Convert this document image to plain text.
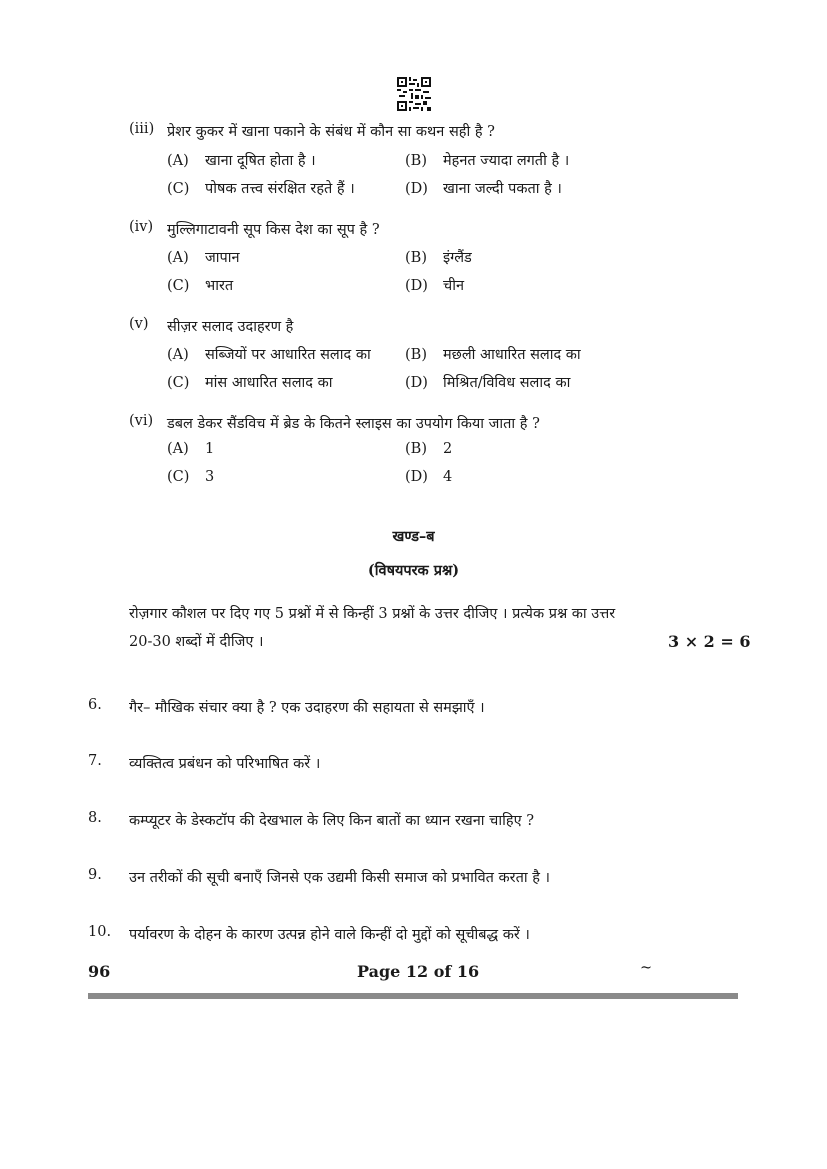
(iii) प्रेशर कुकर में खाना पकाने के संबंध में कौन सा कथन सही है ?
(A) खाना दूषित होता है ।	(B) मेहनत ज्यादा लगती है ।
(C) पोषक तत्त्व संरक्षित रहते हैं ।	(D) खाना जल्दी पकता है ।
(iv) मुल्लिगाटावनी सूप किस देश का सूप है ?
(A) जापान	(B) इंग्लैंड
(C) भारत	(D) चीन
(v) सीज़र सलाद उदाहरण है
(A) सब्जियों पर आधारित सलाद का (B) मछली आधारित सलाद का
(C) मांस आधारित सलाद का	(D) मिश्रित/विविध सलाद का
(vi) डबल डेकर सैंडविच में ब्रेड के कितने स्लाइस का उपयोग किया जाता है ?
(A) 1	(B) 2
(C) 3	(D) 4
खण्ड–ब
(विषयपरक प्रश्न)
रोज़गार कौशल पर दिए गए 5 प्रश्नों में से किन्हीं 3 प्रश्नों के उत्तर दीजिए । प्रत्येक प्रश्न का उत्तर
20-30 शब्दों में दीजिए ।	3 × 2 = 6
6. गैर– मौखिक संचार क्या है ? एक उदाहरण की सहायता से समझाएँ ।
7. व्यक्तित्व प्रबंधन को परिभाषित करें ।
8. कम्प्यूटर के डेस्कटॉप की देखभाल के लिए किन बातों का ध्यान रखना चाहिए ?
9. उन तरीकों की सूची बनाएँ जिनसे एक उद्यमी किसी समाज को प्रभावित करता है ।
10. पर्यावरण के दोहन के कारण उत्पन्न होने वाले किन्हीं दो मुद्दों को सूचीबद्ध करें ।
96	Page 12 of 16	~
